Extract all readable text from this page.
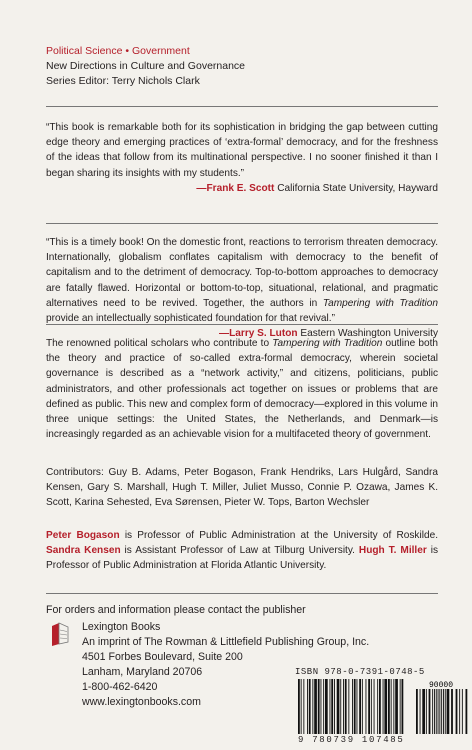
Political Science • Government
New Directions in Culture and Governance
Series Editor: Terry Nichols Clark
“This book is remarkable both for its sophistication in bridging the gap between cutting edge theory and emerging practices of ‘extra-formal’ democracy, and for the freshness of the ideas that follow from its multinational perspective. I no sooner finished it than I began sharing its insights with my students.”
—Frank E. Scott California State University, Hayward
“This is a timely book! On the domestic front, reactions to terrorism threaten democracy. Internationally, globalism conflates capitalism with democracy to the benefit of capitalism and to the detriment of democracy. Top-to-bottom approaches to democracy are fatally flawed. Horizontal or bottom-to-top, situational, relational, and pragmatic alternatives need to be revived. Together, the authors in Tampering with Tradition provide an intellectually sophisticated foundation for that revival.”
—Larry S. Luton Eastern Washington University
The renowned political scholars who contribute to Tampering with Tradition outline both the theory and practice of so-called extra-formal democracy, wherein societal governance is described as a “network activity,” and citizens, politicians, public administrators, and other professionals act together on issues or problems that are defined as public. This new and complex form of democracy—explored in this volume in three unique settings: the United States, the Netherlands, and Denmark—is increasingly regarded as an achievable vision for a multifaceted theory of government.
Contributors: Guy B. Adams, Peter Bogason, Frank Hendriks, Lars Hulgård, Sandra Kensen, Gary S. Marshall, Hugh T. Miller, Juliet Musso, Connie P. Ozawa, James K. Scott, Karina Sehested, Eva Sørensen, Pieter W. Tops, Barton Wechsler
Peter Bogason is Professor of Public Administration at the University of Roskilde. Sandra Kensen is Assistant Professor of Law at Tilburg University. Hugh T. Miller is Professor of Public Administration at Florida Atlantic University.
For orders and information please contact the publisher
Lexington Books
An imprint of The Rowman & Littlefield Publishing Group, Inc.
4501 Forbes Boulevard, Suite 200
Lanham, Maryland 20706
1-800-462-6420
www.lexingtonbooks.com
ISBN 978-0-7391-0748-5
90000
9 780739 107485
